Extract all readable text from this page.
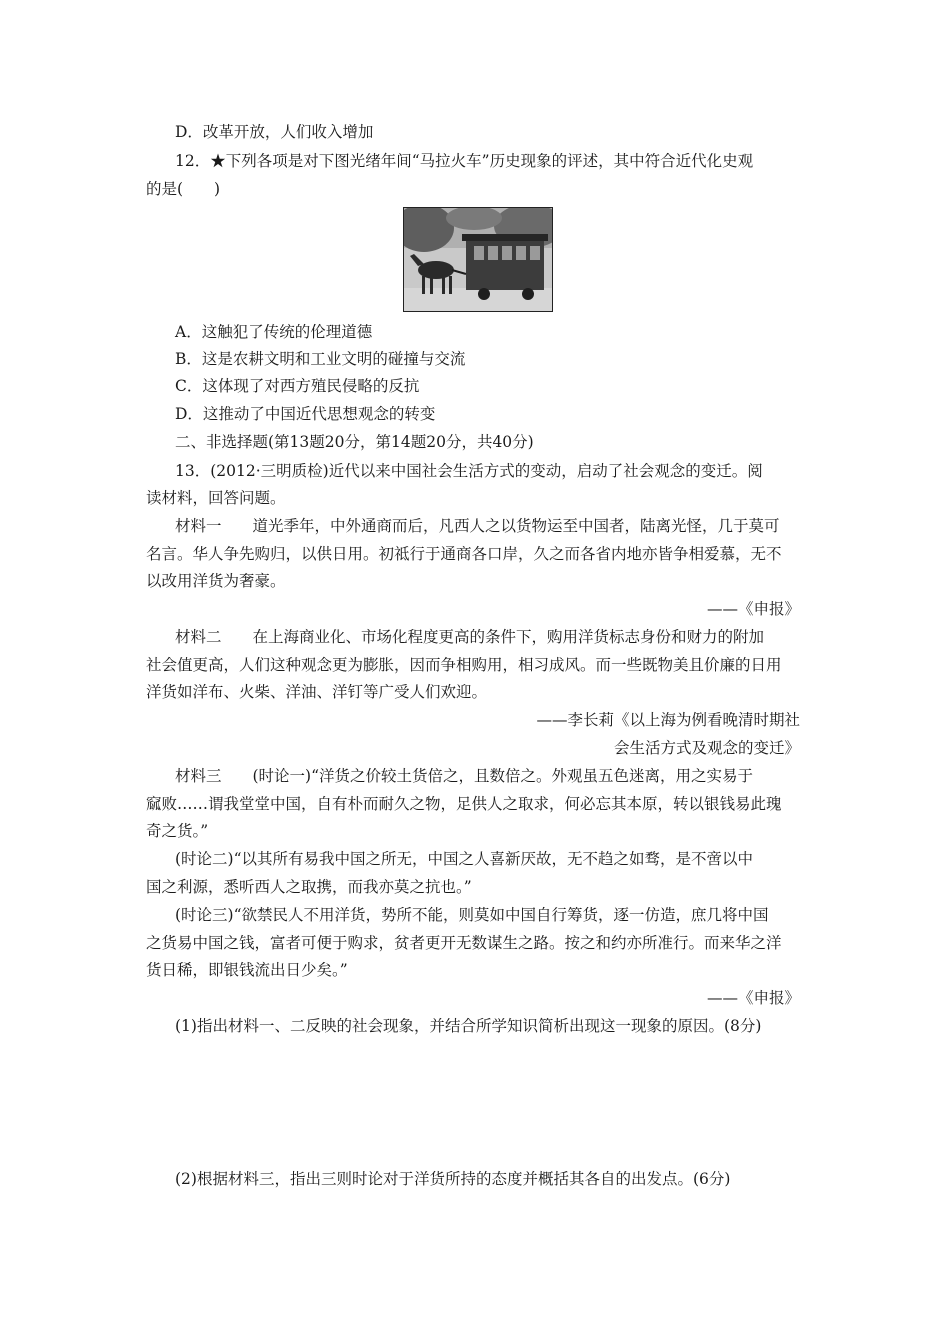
D．改革开放，人们收入增加
12．★下列各项是对下图光绪年间“马拉火车”历史现象的评述，其中符合近代化史观
的是(　　)
A．这触犯了传统的伦理道德
B．这是农耕文明和工业文明的碰撞与交流
C．这体现了对西方殖民侵略的反抗
D．这推动了中国近代思想观念的转变
二、非选择题(第13题20分，第14题20分，共40分)
13．(2012·三明质检)近代以来中国社会生活方式的变动，启动了社会观念的变迁。阅
读材料，回答问题。
材料一　　道光季年，中外通商而后，凡西人之以货物运至中国者，陆离光怪，几于莫可
名言。华人争先购归，以供日用。初祗行于通商各口岸，久之而各省内地亦皆争相爱慕，无不
以改用洋货为奢豪。
——《申报》
材料二　　在上海商业化、市场化程度更高的条件下，购用洋货标志身份和财力的附加
社会值更高，人们这种观念更为膨胀，因而争相购用，相习成风。而一些既物美且价廉的日用
洋货如洋布、火柴、洋油、洋钉等广受人们欢迎。
——李长莉《以上海为例看晚清时期社
会生活方式及观念的变迁》
材料三　　(时论一)“洋货之价较土货倍之，且数倍之。外观虽五色迷离，用之实易于
窳败……谓我堂堂中国，自有朴而耐久之物，足供人之取求，何必忘其本原，转以银钱易此瑰
奇之货。”
(时论二)“以其所有易我中国之所无，中国之人喜新厌故，无不趋之如骛，是不啻以中
国之利源，悉听西人之取携，而我亦莫之抗也。”
(时论三)“欲禁民人不用洋货，势所不能，则莫如中国自行筹货，逐一仿造，庶几将中国
之货易中国之钱，富者可便于购求，贫者更开无数谋生之路。按之和约亦所准行。而来华之洋
货日稀，即银钱流出日少矣。”
——《申报》
(1)指出材料一、二反映的社会现象，并结合所学知识简析出现这一现象的原因。(8分)
(2)根据材料三，指出三则时论对于洋货所持的态度并概括其各自的出发点。(6分)
